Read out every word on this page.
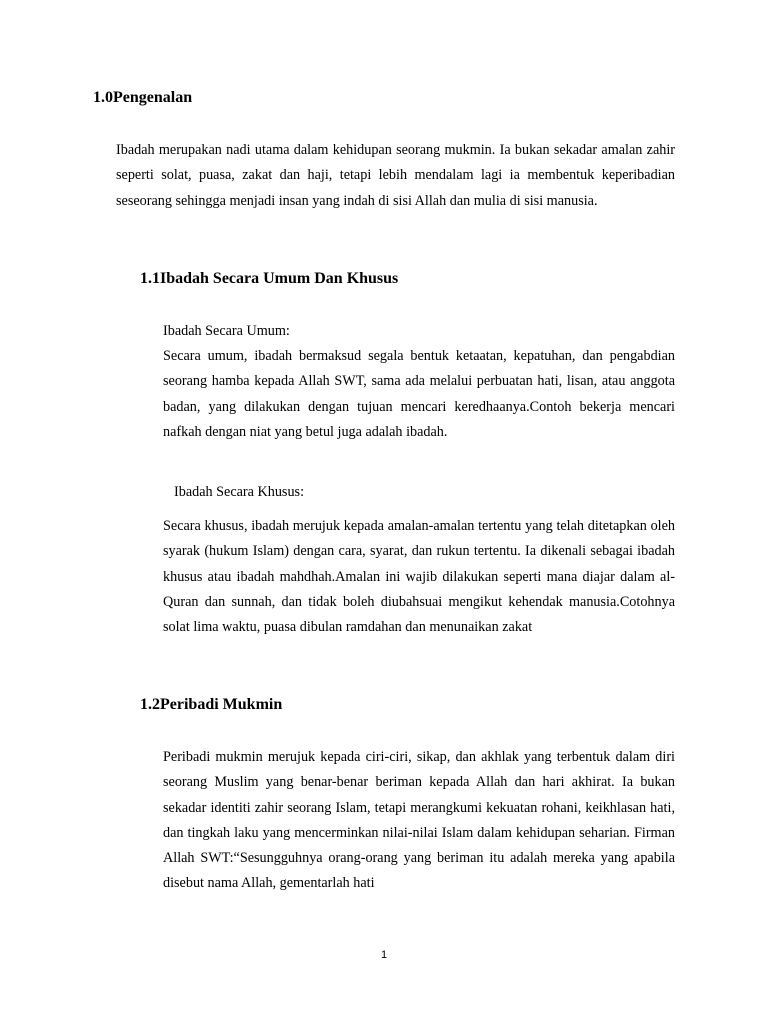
1.0Pengenalan

Ibadah merupakan nadi utama dalam kehidupan seorang mukmin. Ia bukan sekadar amalan zahir seperti solat, puasa, zakat dan haji, tetapi lebih mendalam lagi ia membentuk keperibadian seseorang sehingga menjadi insan yang indah di sisi Allah dan mulia di sisi manusia.

1.1Ibadah Secara Umum Dan Khusus

Ibadah Secara Umum:

Secara umum, ibadah bermaksud segala bentuk ketaatan, kepatuhan, dan pengabdian seorang hamba kepada Allah SWT, sama ada melalui perbuatan hati, lisan, atau anggota badan, yang dilakukan dengan tujuan mencari keredhaanya.Contoh bekerja mencari nafkah dengan niat yang betul juga adalah ibadah.

Ibadah Secara Khusus:

Secara khusus, ibadah merujuk kepada amalan-amalan tertentu yang telah ditetapkan oleh syarak (hukum Islam) dengan cara, syarat, dan rukun tertentu. Ia dikenali sebagai ibadah khusus atau ibadah mahdhah.Amalan ini wajib dilakukan seperti mana diajar dalam al-Quran dan sunnah, dan tidak boleh diubahsuai mengikut kehendak manusia.Cotohnya solat lima waktu, puasa dibulan ramdahan dan menunaikan zakat

1.2Peribadi Mukmin

Peribadi mukmin merujuk kepada ciri-ciri, sikap, dan akhlak yang terbentuk dalam diri seorang Muslim yang benar-benar beriman kepada Allah dan hari akhirat. Ia bukan sekadar identiti zahir seorang Islam, tetapi merangkumi kekuatan rohani, keikhlasan hati, dan tingkah laku yang mencerminkan nilai-nilai Islam dalam kehidupan seharian. Firman Allah SWT:“Sesungguhnya orang-orang yang beriman itu adalah mereka yang apabila disebut nama Allah, gementarlah hati

1
